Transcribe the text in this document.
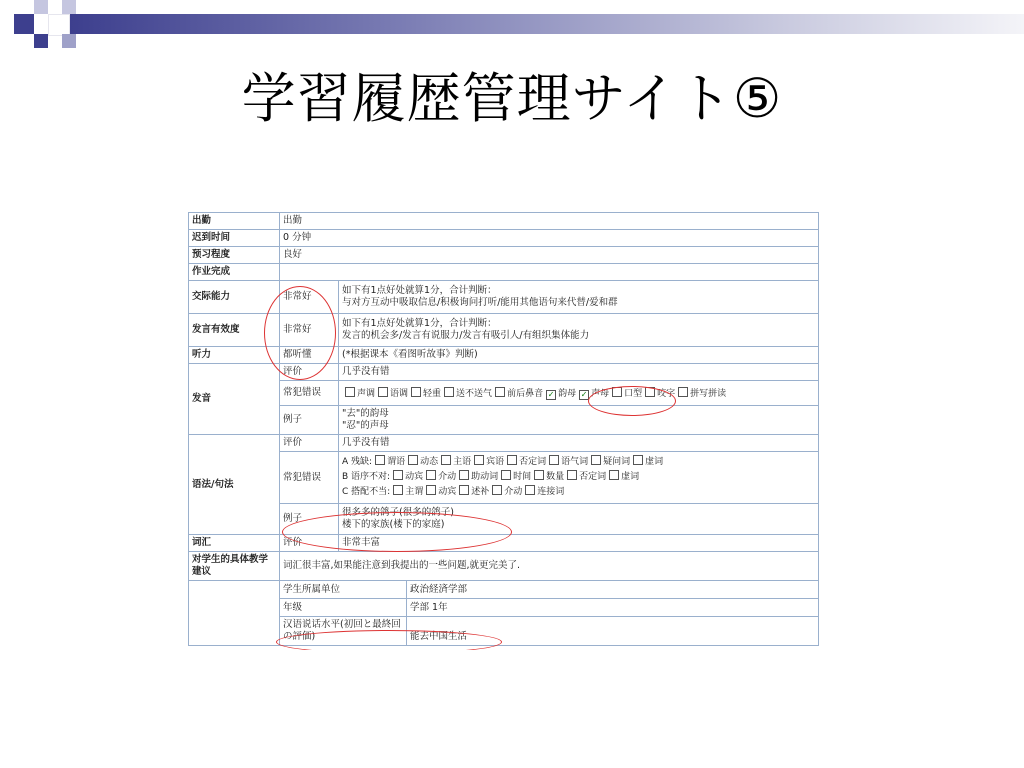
学習履歴管理サイト⑤
出勤	出勤		
迟到时间	0 分钟		
预习程度	良好		
作业完成			
交际能力	非常好	如下有1点好处就算1分，合计判断：
与对方互动中吸取信息/积极询问打听/能用其他语句来代替/爱和群	

发言有效度	非常好	如下有1点好处就算1分，合计判断：
发言的机会多/发言有说服力/发言有吸引人/有组织集体能力	

听力	都听懂	(*根据课本《看图听故事》判断)	
发音	评价	几乎没有错	
	常犯错误	声调 语调 轻重 送不送气 前后鼻音 ✓ 韵母 ✓ 声母 口型 咬字 拼写拼读	
	例子	"去"的韵母
"忍"的声母	

语法/句法	评价	几乎没有错	
	常犯错误	A 残缺: 谓语 动态 主语 宾语 否定词 语气词 疑问词 虚词
B 语序不对: 动宾 介动 助动词 时间 数量 否定词 虚词
C 搭配不当: 主谓 动宾 述补 介动 连接词	

	例子	很多多的鸽子(很多的鸽子)
楼下的家族(楼下的家庭)	

词汇	评价	非常丰富	
对学生的具体教学建议	词汇很丰富,如果能注意到我提出的一些问题,就更完美了.		
	学生所属单位		政治経済学部
	年级		学部 1年
	汉语说话水平(初回と最終回の評価)		能去中国生活
